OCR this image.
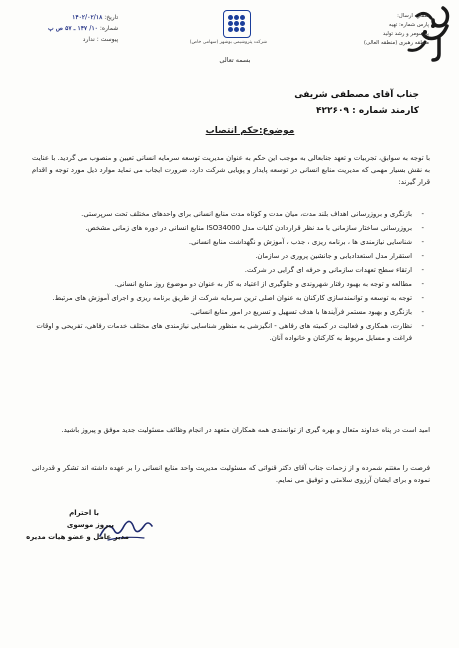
شماره ارسال:
پارس شماره: تهیه
پارسومر و رشد تولید
منطقه رهبری (منطقه العالی)
شرکت پتروشیمی بوشهر (سهامی خاص)
بسمه تعالی
تاریخ: ۱۴۰۲/۰۲/۱۸
شماره: ۱۰/ ۱۴۷ ـ ۵۷ ص پ
پیوست : ندارد
جناب آقای مصطفی شریفی
کارمند شماره : ۴۲۲۶۰۹
موضوع:حکم انتصاب
با توجه به سوابق، تجربیات و تعهد جنابعالی به موجب این حکم به عنوان مدیریت توسعه سرمایه انسانی تعیین و منصوب می گردید. با عنایت به نقش بسیار مهمی که مدیریت منابع انسانی در توسعه پایدار و پویایی شرکت دارد، ضرورت ایجاب می نماید موارد ذیل مورد توجه و اقدام قرار گیرند:
- بازنگری و بروزرسانی اهداف بلند مدت، میان مدت و کوتاه مدت منابع انسانی برای واحدهای مختلف تحت سرپرستی.
- بروزرسانی ساختار سازمانی با مد نظر قراردادن کلیات مدل ISO34000 منابع انسانی در دوره های زمانی مشخص.
- شناسایی نیازمندی ها ، برنامه ریزی ، جذب ، آموزش و نگهداشت منابع انسانی.
- استقرار مدل استعدادیابی و جانشین پروری در سازمان.
- ارتقاء سطح تعهدات سازمانی و حرفه ای گرایی در شرکت.
- مطالعه و توجه به بهبود رفتار شهروندی و جلوگیری از اعتیاد به کار به عنوان دو موضوع روز منابع انسانی.
- توجه به توسعه و توانمندسازی کارکنان به عنوان اصلی ترین سرمایه شرکت از طریق برنامه ریزی و اجرای آموزش های مرتبط.
- بازنگری و بهبود مستمر فرآیندها با هدف تسهیل و تسریع در امور منابع انسانی.
- نظارت، همکاری و فعالیت در کمیته های رفاهی - انگیزشی به منظور شناسایی نیازمندی های مختلف خدمات رفاهی، تفریحی و اوقات فراغت و مسایل مربوط به کارکنان و خانواده آنان.
امید است در پناه خداوند متعال و بهره گیری از توانمندی همه همکاران متعهد در انجام وظائف مسئولیت جدید موفق و پیروز باشید.
فرصت را مغتنم شمرده و از زحمات جناب آقای دکتر قنواتی که مسئولیت مدیریت واحد منابع انسانی را بر عهده داشته اند تشکر و قدردانی نموده و برای ایشان آرزوی سلامتی و توفیق می نمایم.
با احترام
پیروز موسوی
مدیر عامل و عضو هیات مدیره
